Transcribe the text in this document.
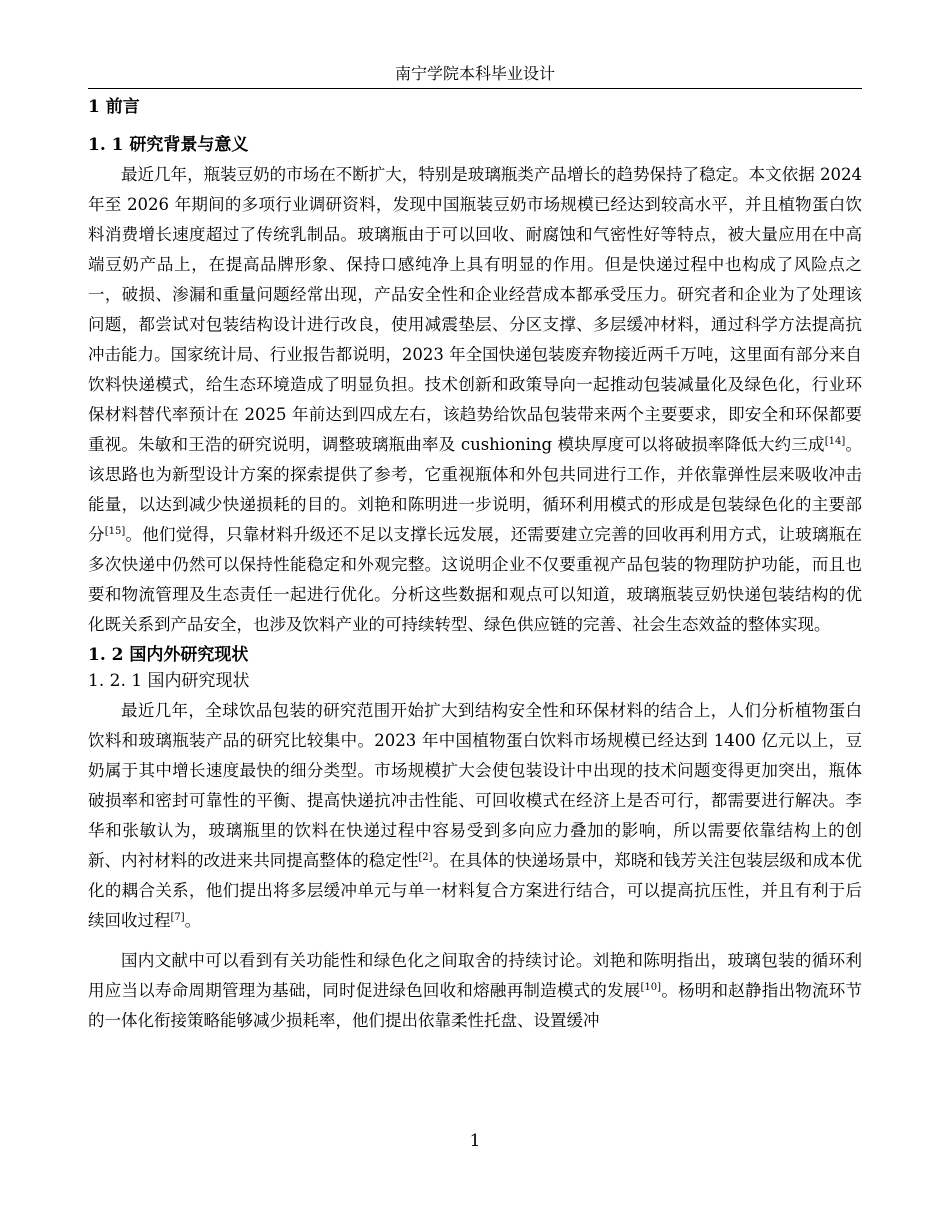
南宁学院本科毕业设计
1 前言
1. 1 研究背景与意义

最近几年，瓶装豆奶的市场在不断扩大，特别是玻璃瓶类产品增长的趋势保持了稳定。本文依据 2024 年至 2026 年期间的多项行业调研资料，发现中国瓶装豆奶市场规模已经达到较高水平，并且植物蛋白饮料消费增长速度超过了传统乳制品。玻璃瓶由于可以回收、耐腐蚀和气密性好等特点，被大量应用在中高端豆奶产品上，在提高品牌形象、保持口感纯净上具有明显的作用。但是快递过程中也构成了风险点之一，破损、渗漏和重量问题经常出现，产品安全性和企业经营成本都承受压力。研究者和企业为了处理该问题，都尝试对包装结构设计进行改良，使用减震垫层、分区支撑、多层缓冲材料，通过科学方法提高抗冲击能力。国家统计局、行业报告都说明，2023 年全国快递包装废弃物接近两千万吨，这里面有部分来自饮料快递模式，给生态环境造成了明显负担。技术创新和政策导向一起推动包装减量化及绿色化，行业环保材料替代率预计在 2025 年前达到四成左右，该趋势给饮品包装带来两个主要要求，即安全和环保都要重视。朱敏和王浩的研究说明，调整玻璃瓶曲率及 cushioning 模块厚度可以将破损率降低大约三成[14]。该思路也为新型设计方案的探索提供了参考，它重视瓶体和外包共同进行工作，并依靠弹性层来吸收冲击能量，以达到减少快递损耗的目的。刘艳和陈明进一步说明，循环利用模式的形成是包装绿色化的主要部分[15]。他们觉得，只靠材料升级还不足以支撑长远发展，还需要建立完善的回收再利用方式，让玻璃瓶在多次快递中仍然可以保持性能稳定和外观完整。这说明企业不仅要重视产品包装的物理防护功能，而且也要和物流管理及生态责任一起进行优化。分析这些数据和观点可以知道，玻璃瓶装豆奶快递包装结构的优化既关系到产品安全，也涉及饮料产业的可持续转型、绿色供应链的完善、社会生态效益的整体实现。

1. 2 国内外研究现状
1. 2. 1 国内研究现状

最近几年，全球饮品包装的研究范围开始扩大到结构安全性和环保材料的结合上，人们分析植物蛋白饮料和玻璃瓶装产品的研究比较集中。2023 年中国植物蛋白饮料市场规模已经达到 1400 亿元以上，豆奶属于其中增长速度最快的细分类型。市场规模扩大会使包装设计中出现的技术问题变得更加突出，瓶体破损率和密封可靠性的平衡、提高快递抗冲击性能、可回收模式在经济上是否可行，都需要进行解决。李华和张敏认为，玻璃瓶里的饮料在快递过程中容易受到多向应力叠加的影响，所以需要依靠结构上的创新、内衬材料的改进来共同提高整体的稳定性[2]。在具体的快递场景中，郑晓和钱芳关注包装层级和成本优化的耦合关系，他们提出将多层缓冲单元与单一材料复合方案进行结合，可以提高抗压性，并且有利于后续回收过程[7]。

国内文献中可以看到有关功能性和绿色化之间取舍的持续讨论。刘艳和陈明指出，玻璃包装的循环利用应当以寿命周期管理为基础，同时促进绿色回收和熔融再制造模式的发展[10]。杨明和赵静指出物流环节的一体化衔接策略能够减少损耗率，他们提出依靠柔性托盘、设置缓冲

1
